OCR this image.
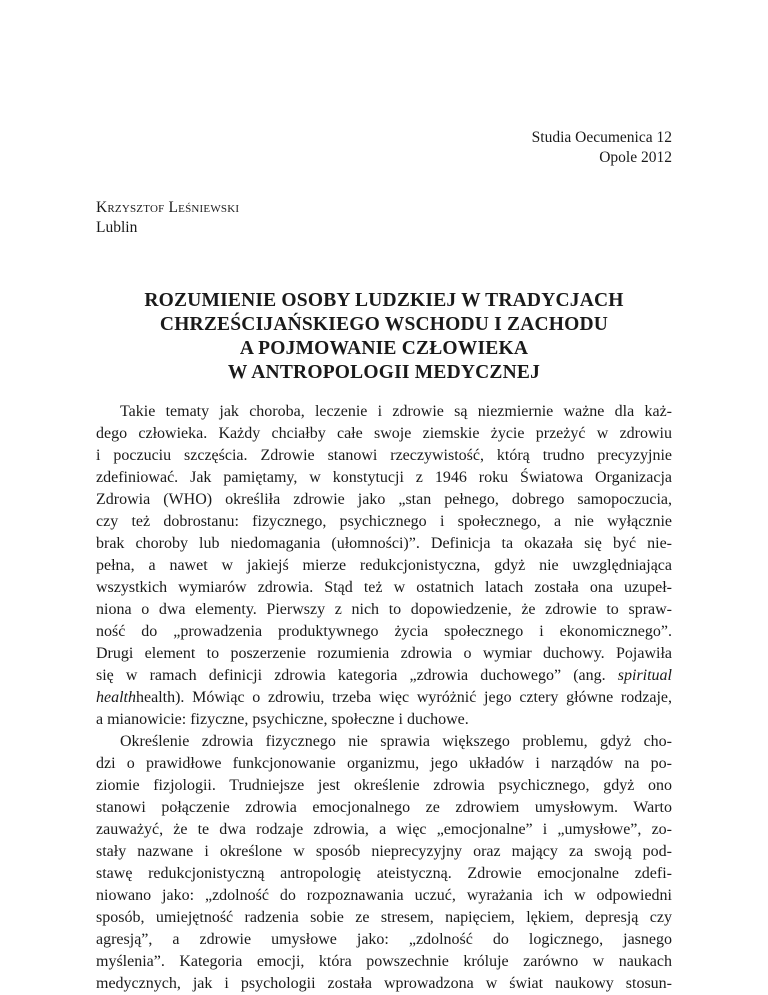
Studia Oecumenica 12
Opole 2012
Krzysztof Leśniewski
Lublin
ROZUMIENIE OSOBY LUDZKIEJ W TRADYCJACH
CHRZEŚCIJAŃSKIEGO WSCHODU I ZACHODU
A POJMOWANIE CZŁOWIEKA
W ANTROPOLOGII MEDYCZNEJ
Takie tematy jak choroba, leczenie i zdrowie są niezmiernie ważne dla każ-
dego człowieka. Każdy chciałby całe swoje ziemskie życie przeżyć w zdrowiu
i poczuciu szczęścia. Zdrowie stanowi rzeczywistość, którą trudno precyzyjnie
zdefiniować. Jak pamiętamy, w konstytucji z 1946 roku Światowa Organizacja
Zdrowia (WHO) określiła zdrowie jako „stan pełnego, dobrego samopoczucia,
czy też dobrostanu: fizycznego, psychicznego i społecznego, a nie wyłącznie
brak choroby lub niedomagania (ułomności)”. Definicja ta okazała się być nie-
pełna, a nawet w jakiejś mierze redukcjonistyczna, gdyż nie uwzględniająca
wszystkich wymiarów zdrowia. Stąd też w ostatnich latach została ona uzupeł-
niona o dwa elementy. Pierwszy z nich to dopowiedzenie, że zdrowie to spraw-
ność do „prowadzenia produktywnego życia społecznego i ekonomicznego”.
Drugi element to poszerzenie rozumienia zdrowia o wymiar duchowy. Pojawiła
się w ramach definicji zdrowia kategoria „zdrowia duchowego” (ang. spiritual
healthhealth). Mówiąc o zdrowiu, trzeba więc wyróżnić jego cztery główne rodzaje,
a mianowicie: fizyczne, psychiczne, społeczne i duchowe.
Określenie zdrowia fizycznego nie sprawia większego problemu, gdyż cho-
dzi o prawidłowe funkcjonowanie organizmu, jego układów i narządów na po-
ziomie fizjologii. Trudniejsze jest określenie zdrowia psychicznego, gdyż ono
stanowi połączenie zdrowia emocjonalnego ze zdrowiem umysłowym. Warto
zauważyć, że te dwa rodzaje zdrowia, a więc „emocjonalne” i „umysłowe”, zo-
stały nazwane i określone w sposób nieprecyzyjny oraz mający za swoją pod-
stawę redukcjonistyczną antropologię ateistyczną. Zdrowie emocjonalne zdefi-
niowano jako: „zdolność do rozpoznawania uczuć, wyrażania ich w odpowiedni
sposób, umiejętność radzenia sobie ze stresem, napięciem, lękiem, depresją czy
agresją”, a zdrowie umysłowe jako: „zdolność do logicznego, jasnego
myślenia”. Kategoria emocji, która powszechnie króluje zarówno w naukach
medycznych, jak i psychologii została wprowadzona w świat naukowy stosun-
